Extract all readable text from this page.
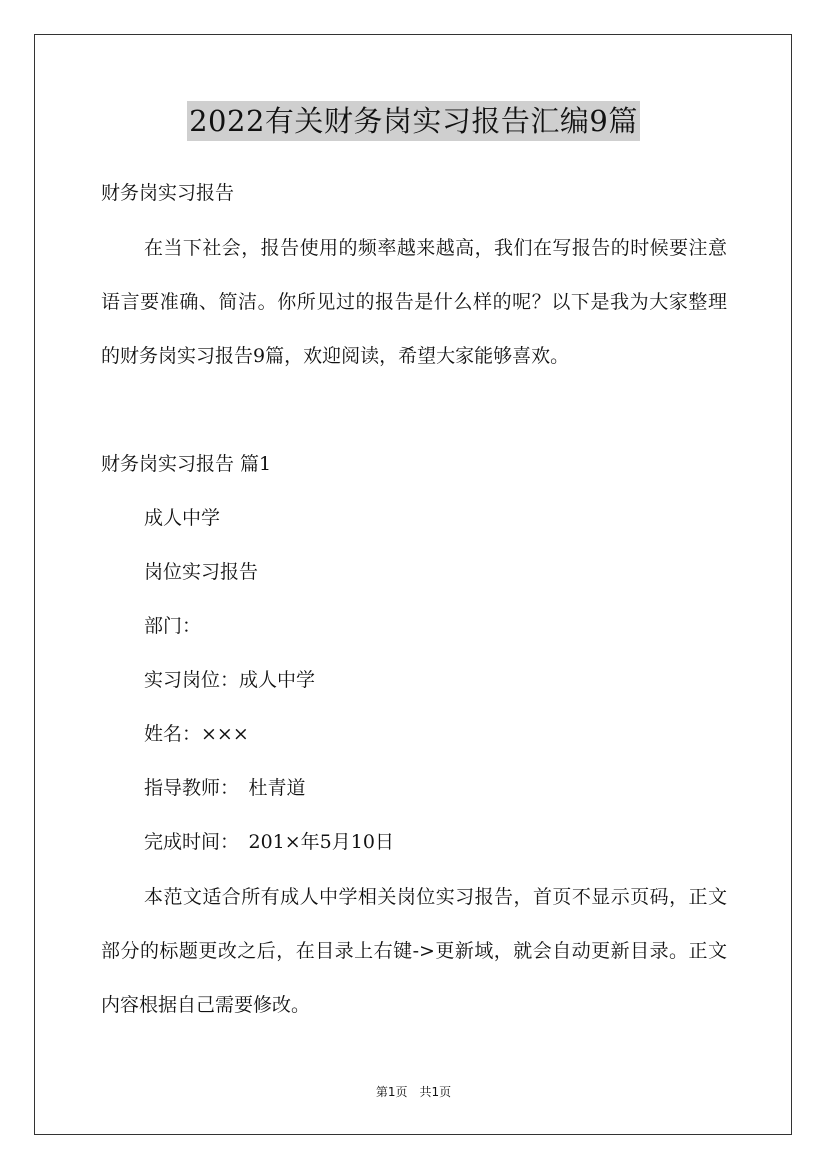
2022有关财务岗实习报告汇编9篇
财务岗实习报告
在当下社会，报告使用的频率越来越高，我们在写报告的时候要注意语言要准确、简洁。你所见过的报告是什么样的呢？以下是我为大家整理的财务岗实习报告9篇，欢迎阅读，希望大家能够喜欢。
财务岗实习报告 篇1
成人中学
岗位实习报告
部门：
实习岗位：成人中学
姓名：×××
指导教师：　杜青道
完成时间：　201×年5月10日
本范文适合所有成人中学相关岗位实习报告，首页不显示页码，正文部分的标题更改之后，在目录上右键->更新域，就会自动更新目录。正文内容根据自己需要修改。
第1页　共1页
